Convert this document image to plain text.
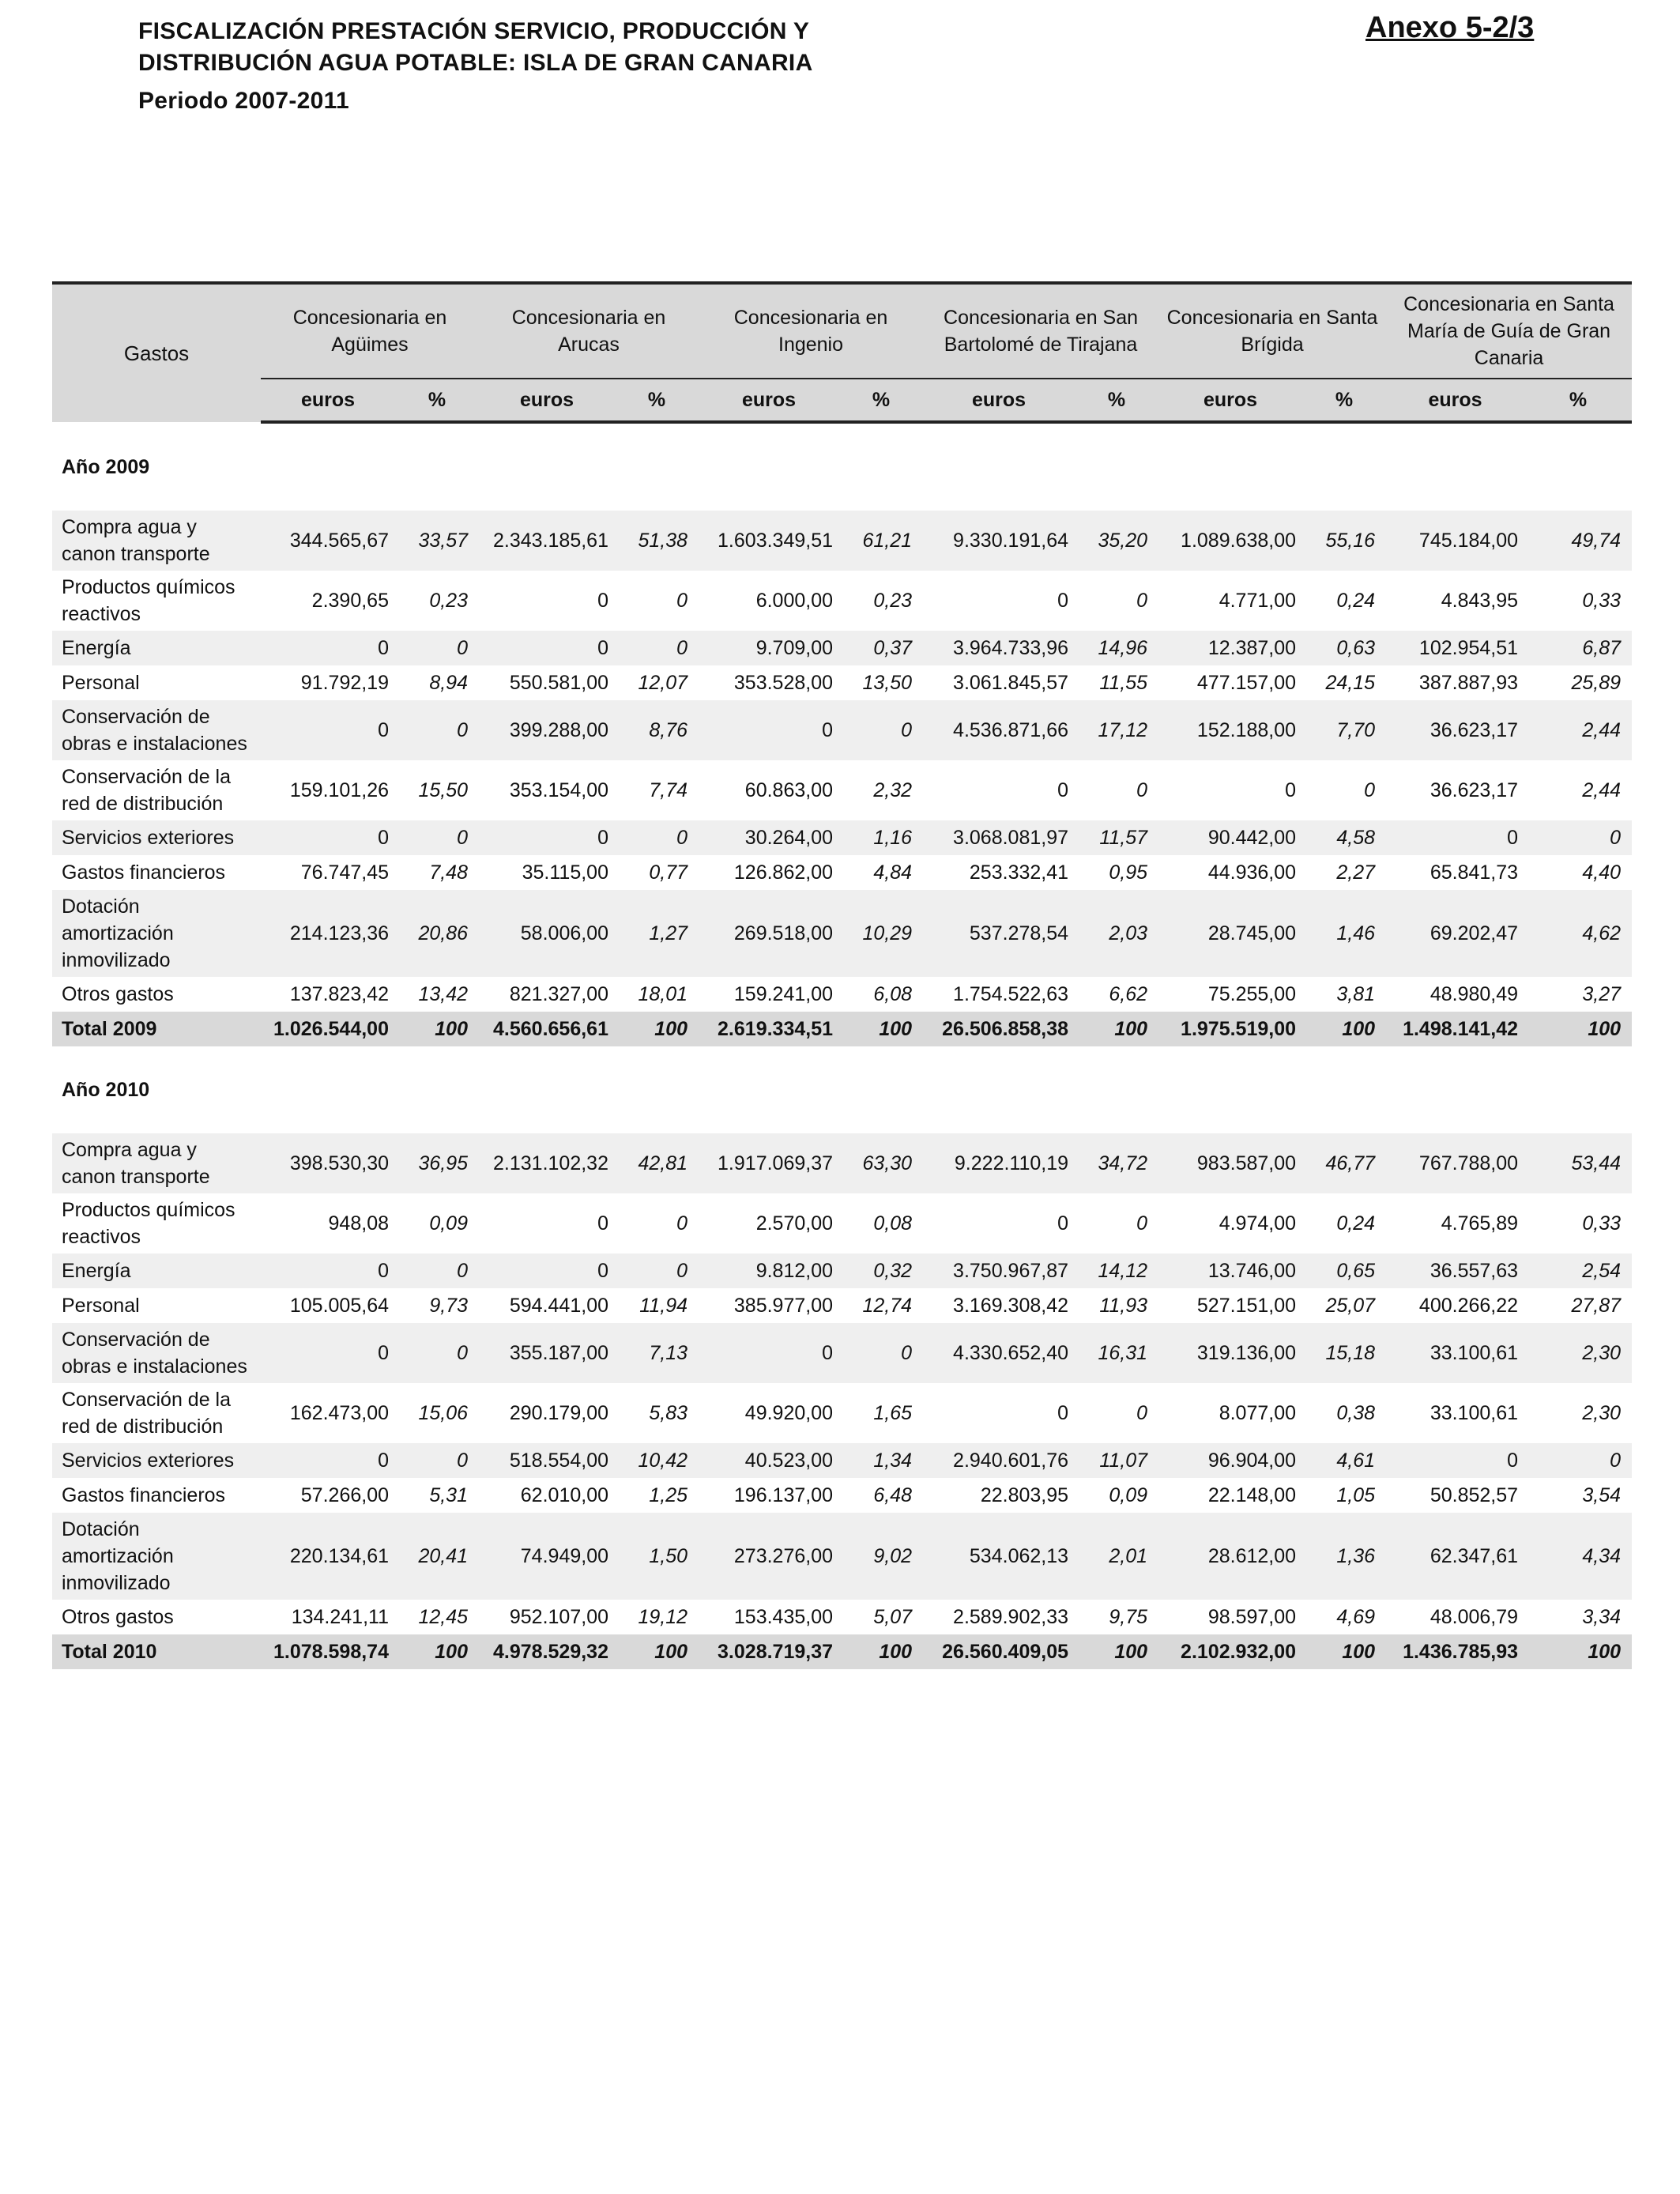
FISCALIZACIÓN PRESTACIÓN SERVICIO, PRODUCCIÓN Y
DISTRIBUCIÓN AGUA POTABLE: ISLA DE GRAN CANARIA
Periodo 2007-2011
Anexo 5-2/3
Gastos	Concesionaria en Agüimes		Concesionaria en Arucas		Concesionaria en Ingenio		Concesionaria en San Bartolomé de Tirajana		Concesionaria en Santa Brígida		Concesionaria en Santa María de Guía de Gran Canaria	
	euros	%	euros	%	euros	%	euros	%	euros	%	euros	%
Año 2009												
Compra agua y canon transporte	344.565,67	33,57	2.343.185,61	51,38	1.603.349,51	61,21	9.330.191,64	35,20	1.089.638,00	55,16	745.184,00	49,74
Productos químicos reactivos	2.390,65	0,23	0	0	6.000,00	0,23	0	0	4.771,00	0,24	4.843,95	0,33
Energía	0	0	0	0	9.709,00	0,37	3.964.733,96	14,96	12.387,00	0,63	102.954,51	6,87
Personal	91.792,19	8,94	550.581,00	12,07	353.528,00	13,50	3.061.845,57	11,55	477.157,00	24,15	387.887,93	25,89
Conservación de obras e instalaciones	0	0	399.288,00	8,76	0	0	4.536.871,66	17,12	152.188,00	7,70	36.623,17	2,44
Conservación de la red de distribución	159.101,26	15,50	353.154,00	7,74	60.863,00	2,32	0	0	0	0	36.623,17	2,44
Servicios exteriores	0	0	0	0	30.264,00	1,16	3.068.081,97	11,57	90.442,00	4,58	0	0
Gastos financieros	76.747,45	7,48	35.115,00	0,77	126.862,00	4,84	253.332,41	0,95	44.936,00	2,27	65.841,73	4,40
Dotación amortización inmovilizado	214.123,36	20,86	58.006,00	1,27	269.518,00	10,29	537.278,54	2,03	28.745,00	1,46	69.202,47	4,62
Otros gastos	137.823,42	13,42	821.327,00	18,01	159.241,00	6,08	1.754.522,63	6,62	75.255,00	3,81	48.980,49	3,27
Total 2009	1.026.544,00	100	4.560.656,61	100	2.619.334,51	100	26.506.858,38	100	1.975.519,00	100	1.498.141,42	100
Año 2010												
Compra agua y canon transporte	398.530,30	36,95	2.131.102,32	42,81	1.917.069,37	63,30	9.222.110,19	34,72	983.587,00	46,77	767.788,00	53,44
Productos químicos reactivos	948,08	0,09	0	0	2.570,00	0,08	0	0	4.974,00	0,24	4.765,89	0,33
Energía	0	0	0	0	9.812,00	0,32	3.750.967,87	14,12	13.746,00	0,65	36.557,63	2,54
Personal	105.005,64	9,73	594.441,00	11,94	385.977,00	12,74	3.169.308,42	11,93	527.151,00	25,07	400.266,22	27,87
Conservación de obras e instalaciones	0	0	355.187,00	7,13	0	0	4.330.652,40	16,31	319.136,00	15,18	33.100,61	2,30
Conservación de la red de distribución	162.473,00	15,06	290.179,00	5,83	49.920,00	1,65	0	0	8.077,00	0,38	33.100,61	2,30
Servicios exteriores	0	0	518.554,00	10,42	40.523,00	1,34	2.940.601,76	11,07	96.904,00	4,61	0	0
Gastos financieros	57.266,00	5,31	62.010,00	1,25	196.137,00	6,48	22.803,95	0,09	22.148,00	1,05	50.852,57	3,54
Dotación amortización inmovilizado	220.134,61	20,41	74.949,00	1,50	273.276,00	9,02	534.062,13	2,01	28.612,00	1,36	62.347,61	4,34
Otros gastos	134.241,11	12,45	952.107,00	19,12	153.435,00	5,07	2.589.902,33	9,75	98.597,00	4,69	48.006,79	3,34
Total 2010	1.078.598,74	100	4.978.529,32	100	3.028.719,37	100	26.560.409,05	100	2.102.932,00	100	1.436.785,93	100
